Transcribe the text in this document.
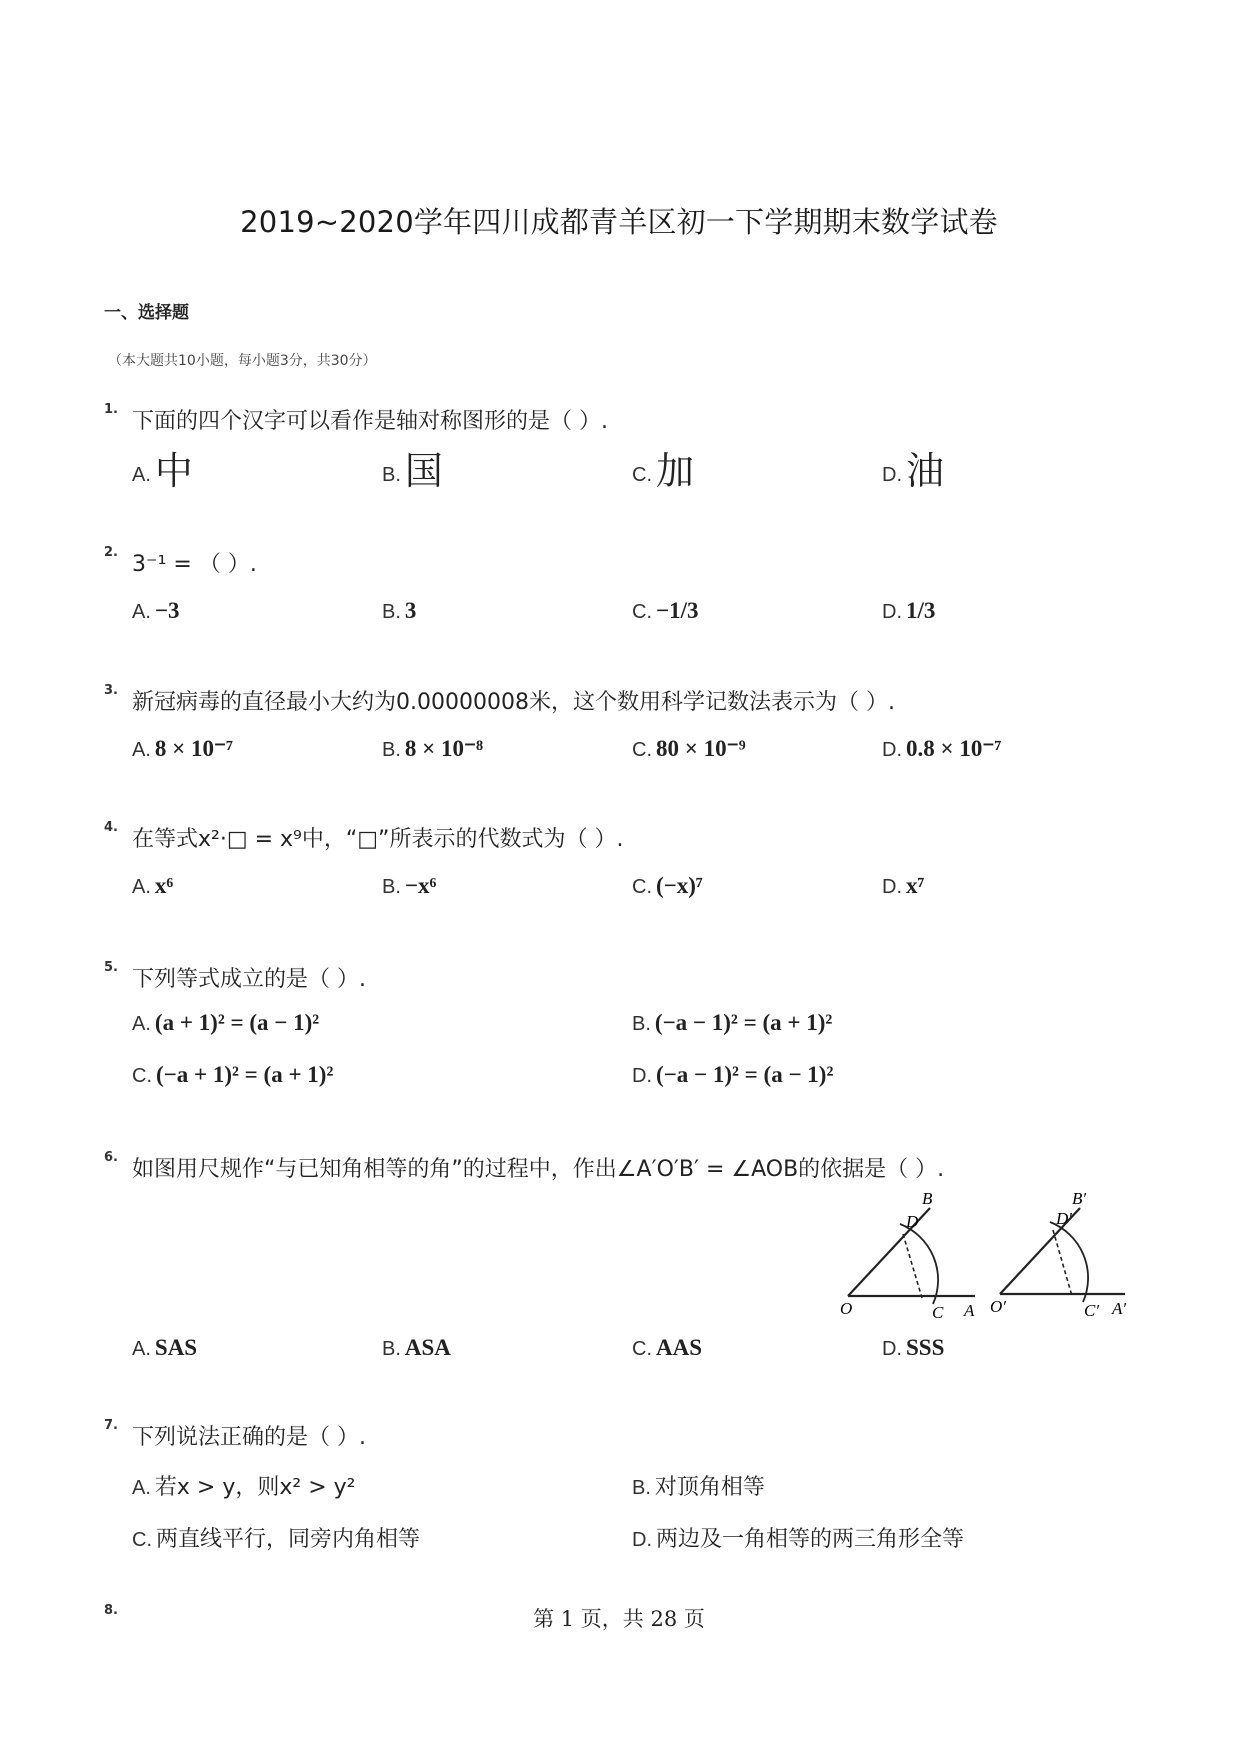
2019~2020学年四川成都青羊区初一下学期期末数学试卷
一、选择题
（本大题共10小题，每小题3分，共30分）
1. 下面的四个汉字可以看作是轴对称图形的是（ ）.
A. 中	B. 国	C. 加	D. 油
2. 3⁻¹ = （ ）.
A. −3	B. 3	C. −1/3	D. 1/3
3. 新冠病毒的直径最小大约为0.00000008米，这个数用科学记数法表示为（ ）.
A. 8 × 10⁻⁷	B. 8 × 10⁻⁸	C. 80 × 10⁻⁹	D. 0.8 × 10⁻⁷
4. 在等式x²·□ = x⁹中，“□”所表示的代数式为（ ）.
A. x⁶	B. −x⁶	C. (−x)⁷	D. x⁷
5. 下列等式成立的是（ ）.
A. (a + 1)² = (a − 1)²	B. (−a − 1)² = (a + 1)²
C. (−a + 1)² = (a + 1)²	D. (−a − 1)² = (a − 1)²
6. 如图用尺规作“与已知角相等的角”的过程中，作出∠A′O′B′ = ∠AOB的依据是（ ）.
O	A
B
C
D
O′	A′
B′
C′
D′
A. SAS	B. ASA	C. AAS	D. SSS
7. 下列说法正确的是（ ）.
A. 若x > y，则x² > y²	B. 对顶角相等
C. 两直线平行，同旁内角相等	D. 两边及一角相等的两三角形全等
8.	第 1 页，共 28 页
